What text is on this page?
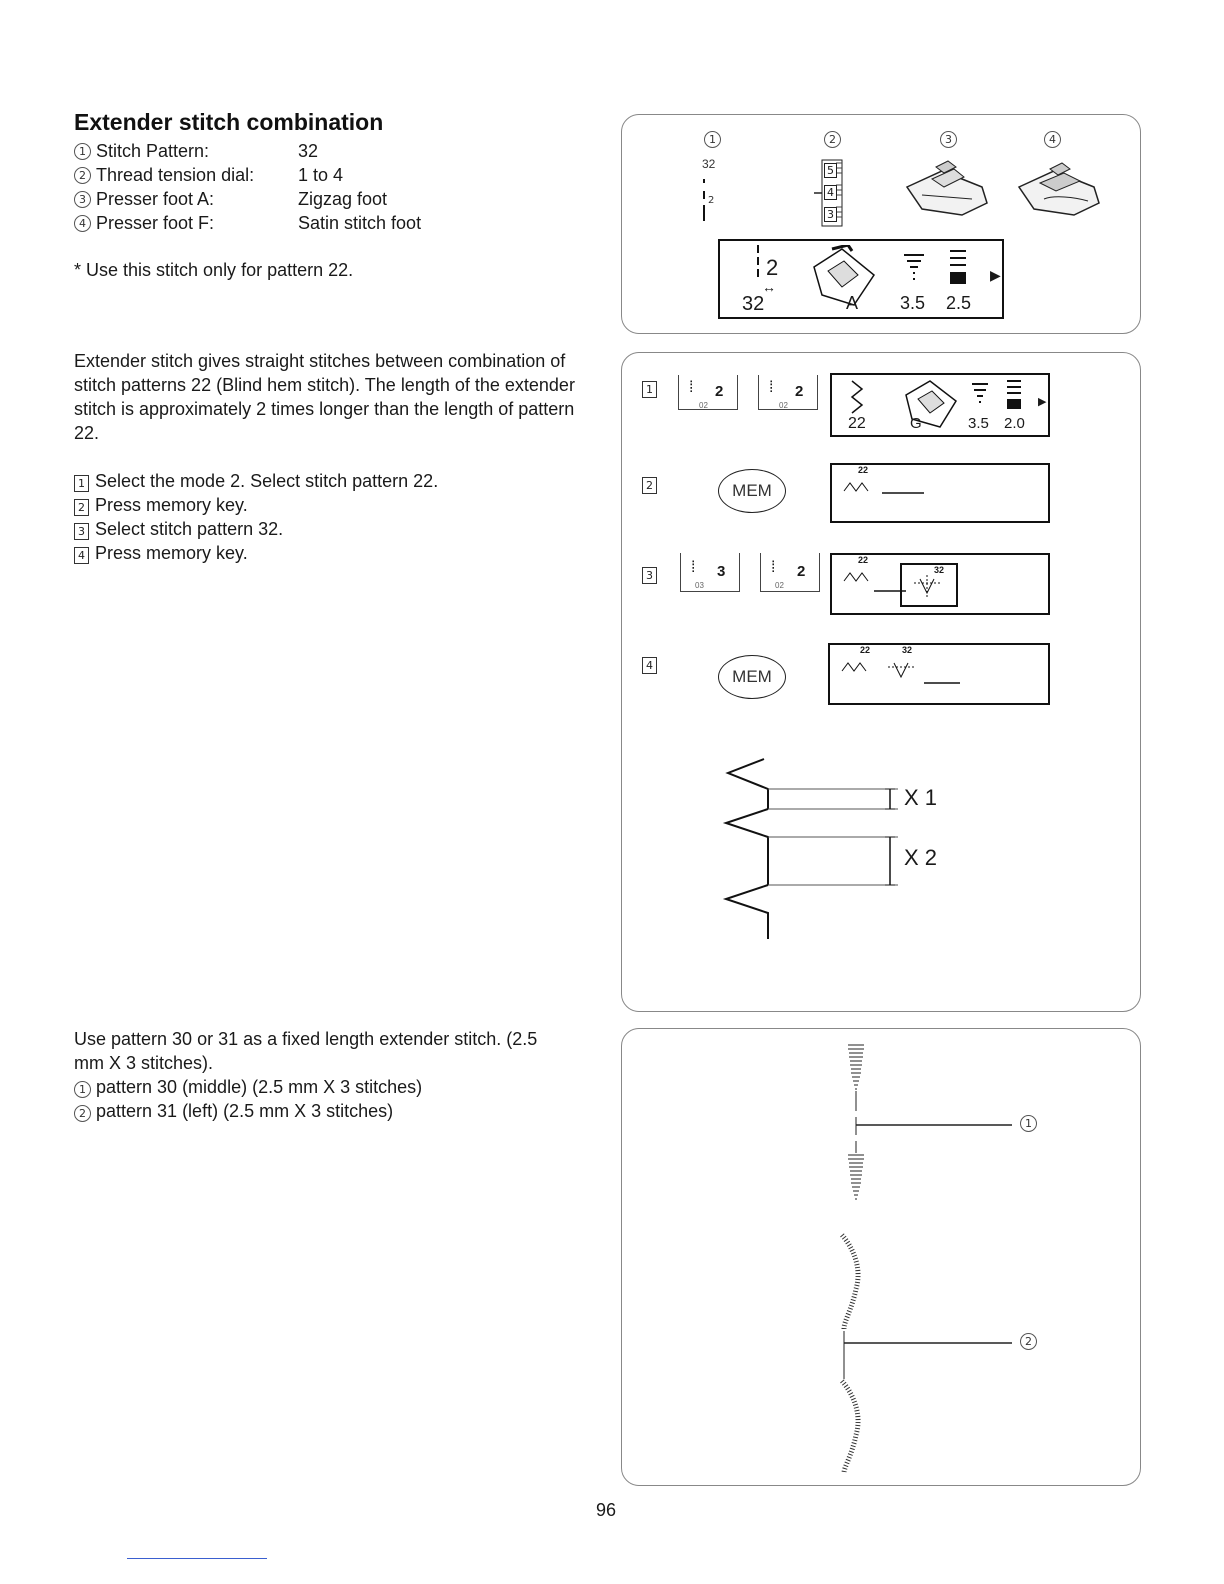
Extender stitch combination
1 Stitch Pattern:	32
2 Thread tension dial: 1 to 4
3 Presser foot A:	Zigzag foot
4 Presser foot F:	Satin stitch foot
* Use this stitch only for pattern 22.
Extender stitch gives straight stitches between combination of stitch patterns 22 (Blind hem stitch). The length of the extender stitch is approximately 2 times longer than the length of pattern 22.
1 Select the mode 2. Select stitch pattern 22.
2 Press memory key.
3 Select stitch pattern 32.
4 Press memory key.
Use pattern 30 or 31 as a fixed length extender stitch. (2.5 mm X 3 stitches).
1 pattern 30 (middle) (2.5 mm X 3 stitches)
2 pattern 31 (left) (2.5 mm X 3 stitches)
1	2	3	4
32
2
5
4
3
2
↔
32	A 3.5 2.5
▶
1
2
3
4
⁞ 2
02
⁞ 2
02
22	G	3.5 2.0
▶
MEM
22
⁞ 3
03
⁞ 2
02
22
32
MEM
22	32
X 1
X 2
1
2
96
